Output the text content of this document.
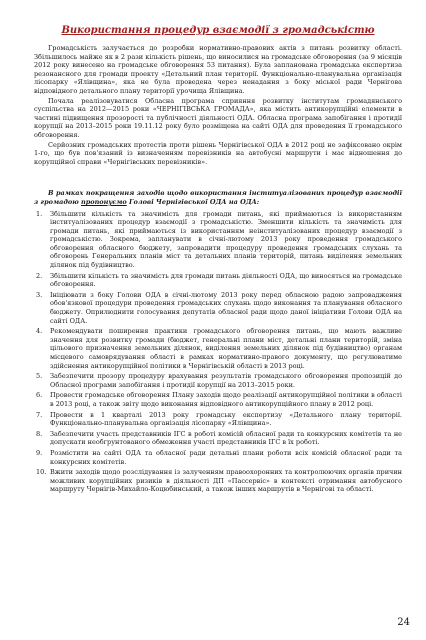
Використання процедур взаємодії з громадськістю

Громадськість залучається до розробки нормативно-правових актів з питань розвитку області. Збільшилось майже як в 2 рази кількість рішень, що виносилися на громадське обговорення (за 9 місяців 2012 року винесено на громадське обговорення 53 питання). Була запланована громадська експертиза резонансного для громади проекту «Детальний план території. Функціонально-планувальна організація лісопарку «Ялівщина», яка не була проведена через ненадання з боку міської ради Чернігова відповідного детального плану території урочища Ялівщина.

Почала реалізовуватися Обласна програма сприяння розвитку інститутам громадянського суспільства на 2012—2015 роки «ЧЕРНІГІВСЬКА ГРОМАДА», яка містить антикорупційні елементи в частині підвищення прозорості та публічності діяльності ОДА. Обласна програма запобігання і протидії корупції на 2013–2015 роки 19.11.12 року було розміщена на сайті ОДА для проведення її громадського обговорення.

Серйозних громадських протестів проти рішень Чернігівської ОДА в 2012 році не зафіксовано окрім 1-го, що був пов'язаний із визначенням перевізників на автобусні маршрути і має відношення до корупційної справи «Чернігівських перевізників».

В рамках покращення заходів щодо використання інституалізованих процедур взаємодії з громадою пропонуємо Голові Чернігівської ОДА на ОДА:

1.	Збільшити кількість та значимість для громади питань, які приймаються із використанням інституалізованих процедур взаємодії з громадськістю. Зменшити кількість та значимість для громади питань, які приймаються із використанням неінституалізованих процедур взаємодії з громадськістю. Зокрема, запланувати в січні-лютому 2013 року проведення громадського обговорення обласного бюджету, запровадити процедуру проведення громадських слухань та обговорень Генеральних планів міст та детальних планів територій, питань виділення земельних ділянок під будівництво.
2.	Збільшити кількість та значимість для громади питань діяльності ОДА, що виносяться на громадське обговорення.
3.	Ініціювати з боку Голови ОДА в січні-лютому 2013 року перед обласною радою запровадження обов'язкової процедури проведення громадських слухань щодо виконання та планування обласного бюджету. Оприлюднити голосування депутатів обласної ради щодо даної ініціативи Голови ОДА на сайті ОДА.
4.	Рекомендувати поширення практики громадського обговорення питань, що мають важливе значення для розвитку громади (бюджет, генеральні плани міст, детальні плани територій, зміна цільового призначення земельних ділянок, виділення земельних ділянок під будівництво) органам місцевого самоврядування області в рамках нормативно-правого документу, що регулюватиме здійснення антикорупційної політики в Чернігівській області в 2013 році.
5.	Забезпечити прозору процедуру врахування результатів громадського обговорення пропозицій до Обласної програми запобігання і протидії корупції на 2013–2015 роки.
6.	Провести громадське обговорення Плану заходів щодо реалізації антикорупційної політики в області в 2013 році, а також звіту щодо виконання відповідного антикорупційного плану в 2012 році.
7.	Провести в 1 кварталі 2013 року громадську експертизу «Детального плану території. Функціонально-планувальна організація лісопарку «Ялівщина».
8.	Забезпечити участь представників ІГС в роботі комісій обласної ради та конкурсних комітетів та не допускати необгрунтованого обмеження участі представників ІГС в їх роботі.
9.	Розмістити на сайті ОДА та обласної ради детальні плани роботи всіх комісій обласної ради та конкурсних комітетів.
10. Вжити заходів щодо розслідування із залученням правоохоронних та контролюючих органів причин можливих корупційних ризиків в діяльності ДП «Пассервіс» в контексті отримання автобусного маршруту Чернігів-Михайло-Коцюбинський, а також інших маршрутів в Чернігові та області.
24
